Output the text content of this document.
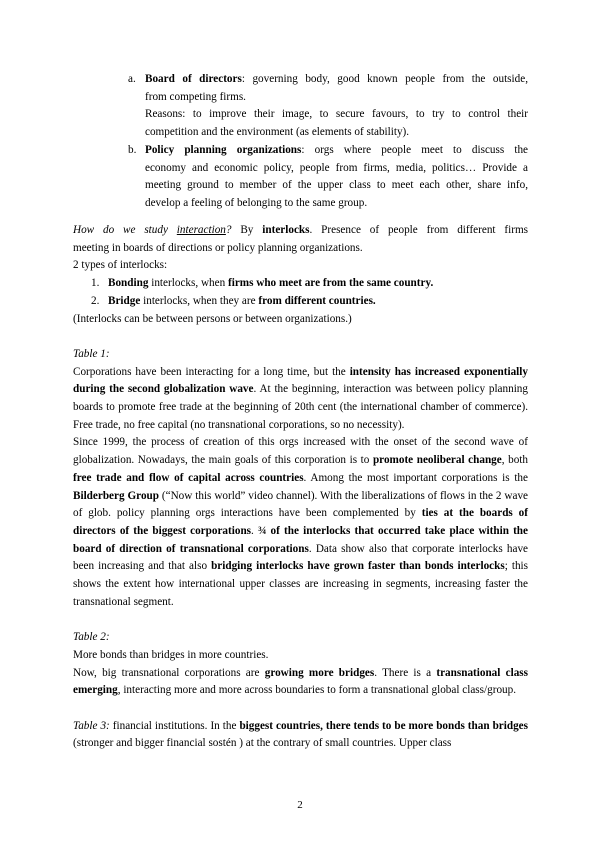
a. Board of directors: governing body, good known people from the outside,

from competing firms.

Reasons: to improve their image, to secure favours, to try to control their

competition and the environment (as elements of stability).

b. Policy planning organizations: orgs where people meet to discuss the

economy and economic policy, people from firms, media, politics… Provide a

meeting ground to member of the upper class to meet each other, share info,

develop a feeling of belonging to the same group.

How do we study interaction? By interlocks. Presence of people from different firms

meeting in boards of directions or policy planning organizations.

2 types of interlocks:

1. Bonding interlocks, when firms who meet are from the same country.

2. Bridge interlocks, when they are from different countries.

(Interlocks can be between persons or between organizations.)

Table 1:

Corporations have been interacting for a long time, but the intensity has increased exponentially during the second globalization wave. At the beginning, interaction was between policy planning boards to promote free trade at the beginning of 20th cent (the international chamber of commerce). Free trade, no free capital (no transnational corporations, so no necessity).

Since 1999, the process of creation of this orgs increased with the onset of the second wave of globalization. Nowadays, the main goals of this corporation is to promote neoliberal change, both free trade and flow of capital across countries. Among the most important corporations is the Bilderberg Group (“Now this world” video channel). With the liberalizations of flows in the 2 wave of glob. policy planning orgs interactions have been complemented by ties at the boards of directors of the biggest corporations. ¾ of the interlocks that occurred take place within the board of direction of transnational corporations. Data show also that corporate interlocks have been increasing and that also bridging interlocks have grown faster than bonds interlocks; this shows the extent how international upper classes are increasing in segments, increasing faster the transnational segment.

Table 2:

More bonds than bridges in more countries.

Now, big transnational corporations are growing more bridges. There is a transnational class emerging, interacting more and more across boundaries to form a transnational global class/group.

Table 3: financial institutions. In the biggest countries, there tends to be more bonds than bridges (stronger and bigger financial sostén ) at the contrary of small countries. Upper class

2
